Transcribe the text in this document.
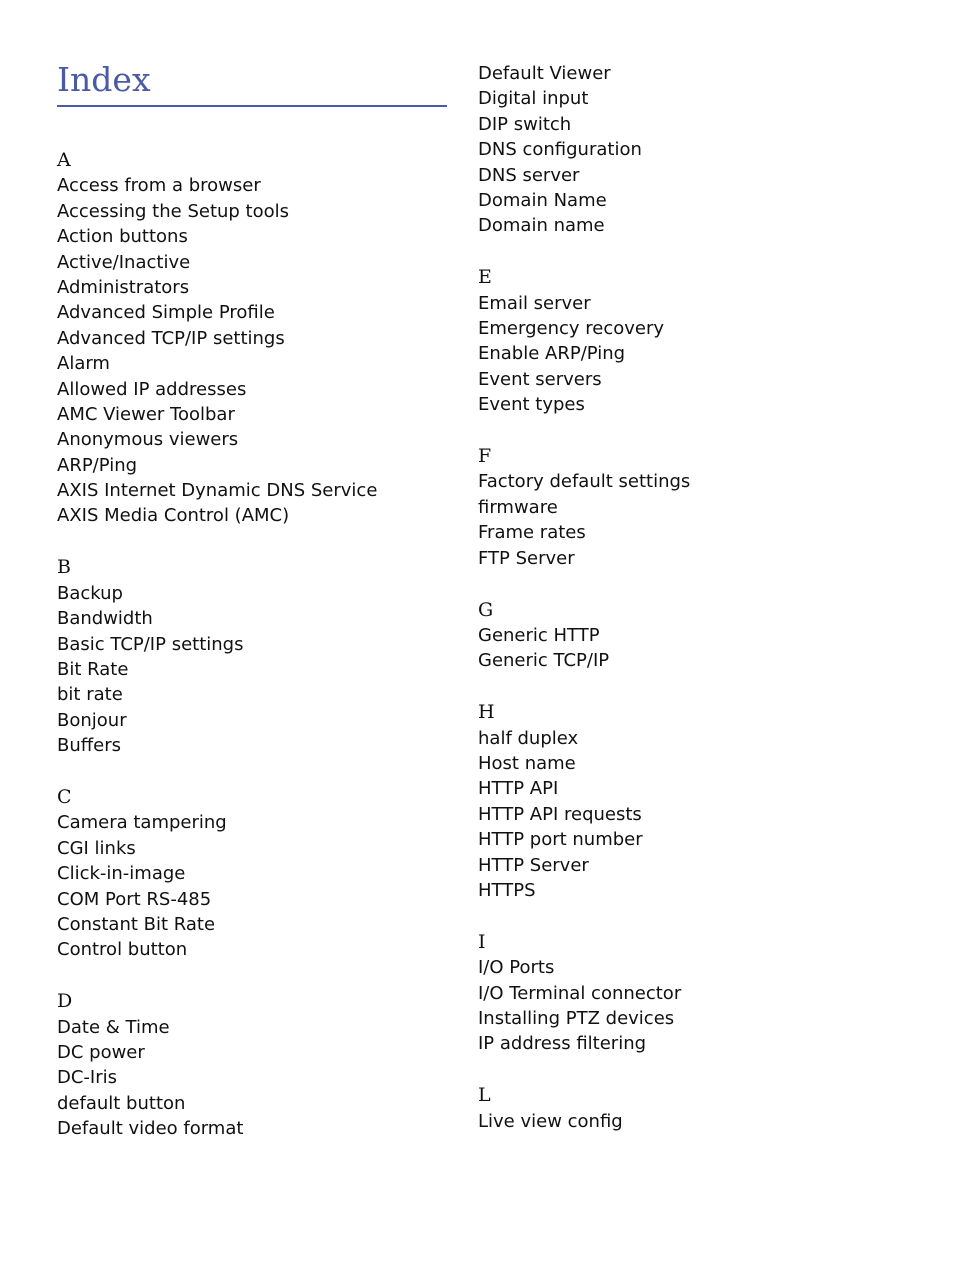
Index
A
Access from a browser
Accessing the Setup tools
Action buttons
Active/Inactive
Administrators
Advanced Simple Profile
Advanced TCP/IP settings
Alarm
Allowed IP addresses
AMC Viewer Toolbar
Anonymous viewers
ARP/Ping
AXIS Internet Dynamic DNS Service
AXIS Media Control (AMC)
B
Backup
Bandwidth
Basic TCP/IP settings
Bit Rate
bit rate
Bonjour
Buffers
C
Camera tampering
CGI links
Click-in-image
COM Port RS-485
Constant Bit Rate
Control button
D
Date & Time
DC power
DC-Iris
default button
Default video format
Default Viewer
Digital input
DIP switch
DNS configuration
DNS server
Domain Name
Domain name
E
Email server
Emergency recovery
Enable ARP/Ping
Event servers
Event types
F
Factory default settings
firmware
Frame rates
FTP Server
G
Generic HTTP
Generic TCP/IP
H
half duplex
Host name
HTTP API
HTTP API requests
HTTP port number
HTTP Server
HTTPS
I
I/O Ports
I/O Terminal connector
Installing PTZ devices
IP address filtering
L
Live view config
